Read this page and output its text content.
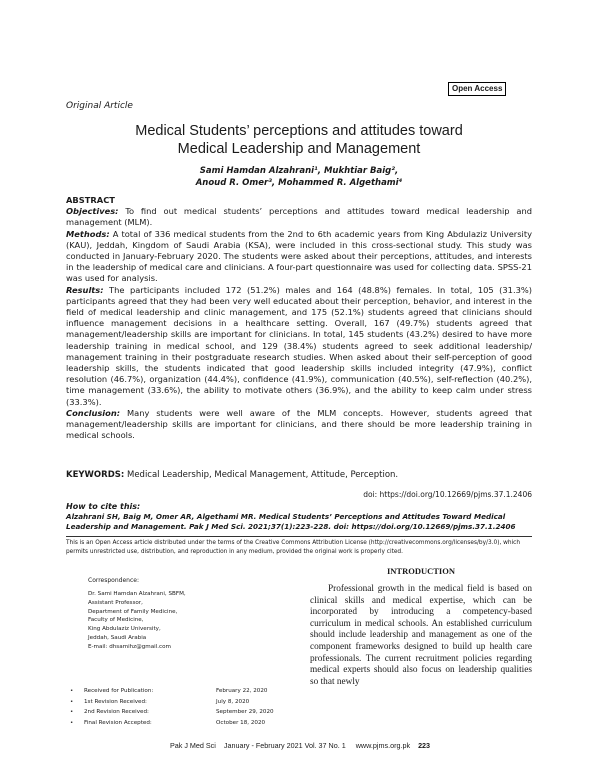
Open Access
Original Article
Medical Students’ perceptions and attitudes toward
Medical Leadership and Management
Sami Hamdan Alzahrani¹, Mukhtiar Baig²,
Anoud R. Omer³, Mohammed R. Algethami⁴

ABSTRACT

Objectives: To find out medical students’ perceptions and attitudes toward medical leadership and management (MLM).

Methods: A total of 336 medical students from the 2nd to 6th academic years from King Abdulaziz University (KAU), Jeddah, Kingdom of Saudi Arabia (KSA), were included in this cross-sectional study. This study was conducted in January-February 2020. The students were asked about their perceptions, attitudes, and interests in the leadership of medical care and clinicians. A four-part questionnaire was used for collecting data. SPSS-21 was used for analysis.

Results: The participants included 172 (51.2%) males and 164 (48.8%) females. In total, 105 (31.3%) participants agreed that they had been very well educated about their perception, behavior, and interest in the field of medical leadership and clinic management, and 175 (52.1%) students agreed that clinicians should influence management decisions in a healthcare setting. Overall, 167 (49.7%) students agreed that management/leadership skills are important for clinicians. In total, 145 students (43.2%) desired to have more leadership training in medical school, and 129 (38.4%) students agreed to seek additional leadership/ management training in their postgraduate research studies. When asked about their self-perception of good leadership skills, the students indicated that good leadership skills included integrity (47.9%), conflict resolution (46.7%), organization (44.4%), confidence (41.9%), communication (40.5%), self-reflection (40.2%), time management (33.6%), the ability to motivate others (36.9%), and the ability to keep calm under stress (33.3%).

Conclusion: Many students were well aware of the MLM concepts. However, students agreed that management/leadership skills are important for clinicians, and there should be more leadership training in medical schools.

KEYWORDS: Medical Leadership, Medical Management, Attitude, Perception.
doi: https://doi.org/10.12669/pjms.37.1.2406
How to cite this:
Alzahrani SH, Baig M, Omer AR, Algethami MR. Medical Students’ Perceptions and Attitudes Toward Medical Leadership and Management. Pak J Med Sci. 2021;37(1):223-228. doi: https://doi.org/10.12669/pjms.37.1.2406
This is an Open Access article distributed under the terms of the Creative Commons Attribution License (http://creativecommons.org/licenses/by/3.0), which permits unrestricted use, distribution, and reproduction in any medium, provided the original work is properly cited.
Correspondence:
Dr. Sami Hamdan Alzahrani, SBFM,
Assistant Professor,
Department of Family Medicine,
Faculty of Medicine,
King Abdulaziz University,
Jeddah, Saudi Arabia
E-mail: dhsamihz@gmail.com
•	Received for Publication:	February 22, 2020
•	1st Revision Received:	July 8, 2020
•	2nd Revision Received:	September 29, 2020
•	Final Revision Accepted:	October 18, 2020
INTRODUCTION
Professional growth in the medical field is based on clinical skills and medical expertise, which can be incorporated by introducing a competency-based curriculum in medical schools. An established curriculum should include leadership and management as one of the component frameworks designed to build up health care professionals. The current recruitment policies regarding medical experts should also focus on leadership qualities so that newly
Pak J Med Sci January - February 2021 Vol. 37 No. 1 www.pjms.org.pk 223
